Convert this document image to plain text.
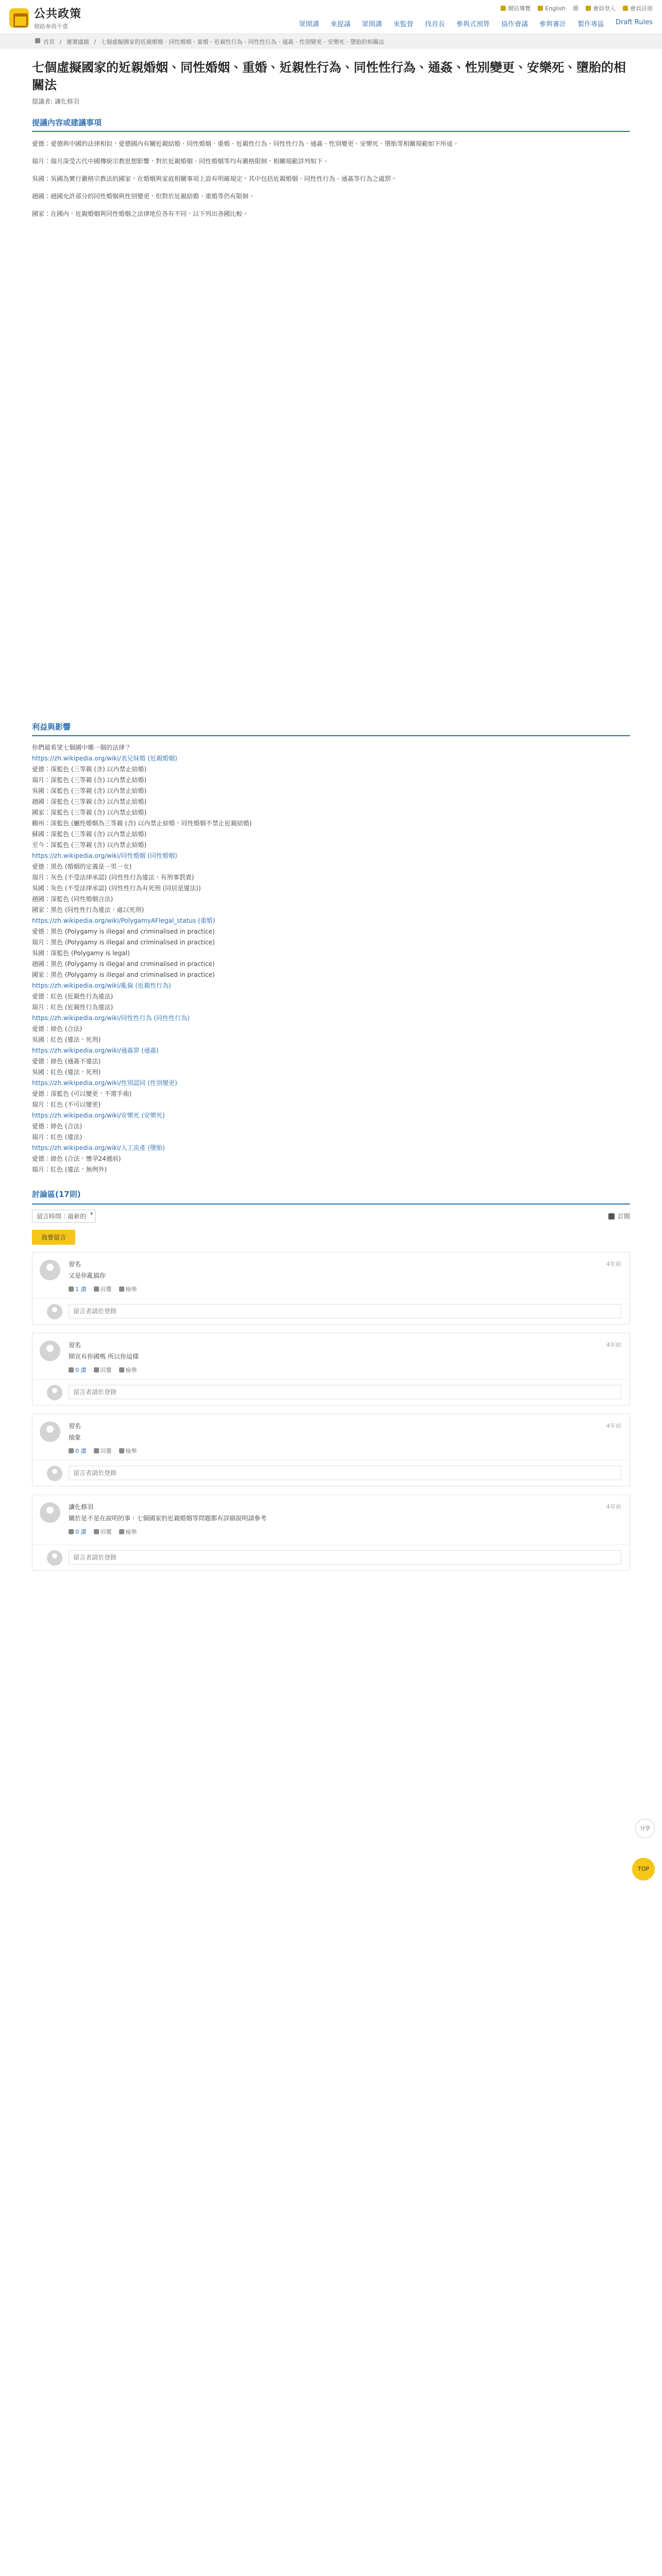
公共政策
網路參與平臺
網站導覽	English 簡	會員登入	會員註冊
眾開講 來提議 眾開講 來監督 找首長 參與式預算 協作會議 參與審計 製作專區 Draft Rules
首頁 / 連署議題 / 七個虛擬國家的近親婚姻、同性婚姻、重婚、近親性行為、同性性行為、通姦、性別變更、安樂死、墮胎的相關法
七個虛擬國家的近親婚姻、同性婚姻、重婚、近親性行為、同性性行為、通姦、性別變更、安樂死、墮胎的相關法
提議者: 讓化修羽
提議內容或建議事項

愛德：愛德與中國的法律相似，愛德國內有關近親結婚、同性婚姻、重婚、近親性行為、同性性行為、通姦、性別變更、安樂死、墮胎等相關規範如下所述。

瑞月：瑞月深受古代中國傳統宗教思想影響，對於近親婚姻、同性婚姻等均有嚴格限制，相關規範詳列如下。

吳國：吳國為實行嚴格宗教法的國家，在婚姻與家庭相關事項上設有明確規定，其中包括近親婚姻、同性性行為、通姦等行為之處罰。

趙國：趙國允許部分的同性婚姻與性別變更，但對於近親結婚、重婚等仍有限制。

國家：在國內，近親婚姻與同性婚姻之法律地位各有不同，以下列出各國比較。

利益與影響
你們最希望七個國中哪一個的法律？
https://zh.wikipedia.org/wiki/表兄妹婚 (近親婚姻)
愛德：深藍色 (三等親 (含) 以內禁止結婚)
瑞月：深藍色 (三等親 (含) 以內禁止結婚)
吳國：深藍色 (三等親 (含) 以內禁止結婚)
趙國：深藍色 (三等親 (含) 以內禁止結婚)
國家：深藍色 (三等親 (含) 以內禁止結婚)
鶴州：深藍色 (屬性婚姻為三等親 (含) 以內禁止結婚，同性婚姻不禁止近親結婚)
蘇國：深藍色 (三等親 (含) 以內禁止結婚)
至今：深藍色 (三等親 (含) 以內禁止結婚)
https://zh.wikipedia.org/wiki/同性婚姻 (同性婚姻)
愛德：黑色 (婚姻的定義是一男一女)
瑞月：灰色 (不受法律承認) (同性性行為違法，有刑事罰責)
吳國：灰色 (不受法律承認) (同性性行為有死刑 (同居是違法))
趙國：深藍色 (同性婚姻合法)
國家：黑色 (同性性行為違法，處以死刑)
https://zh.wikipedia.org/wiki/PolygamyAFIegal_status (重婚)
愛德：黑色 (Polygamy is illegal and criminalised in practice)
瑞月：黑色 (Polygamy is illegal and criminalised in practice)
吳國：深藍色 (Polygamy is legal)
趙國：黑色 (Polygamy is illegal and criminalised in practice)
國家：黑色 (Polygamy is illegal and criminalised in practice)
https://zh.wikipedia.org/wiki/亂倫 (近親性行為)
愛德：紅色 (近親性行為違法)
瑞月：紅色 (近親性行為違法)
https://zh.wikipedia.org/wiki/同性性行為 (同性性行為)
愛德：綠色 (合法)
吳國：紅色 (違法，死刑)
https://zh.wikipedia.org/wiki/通姦罪 (通姦)
愛德：綠色 (通姦不違法)
吳國：紅色 (違法，死刑)
https://zh.wikipedia.org/wiki/性別認同 (性別變更)
愛德：深藍色 (可以變更，不需手術)
瑞月：紅色 (不可以變更)
https://zh.wikipedia.org/wiki/安樂死 (安樂死)
愛德：綠色 (合法)
瑞月：紅色 (違法)
https://zh.wikipedia.org/wiki/人工流產 (墮胎)
愛德：綠色 (合法，懷孕24週前)
瑞月：紅色 (違法，無例外)
討論區(17則)
留言時間：最新的 ▾	訂閱
我要留言
習名	4年前
又是你亂搞你
1 讚	回覆	檢舉
留言者請於登錄
習名	4年前
開宣有你國嗎 所以你這樣
0 讚	回覆	檢舉
留言者請於登錄
習名	4年前
抽象
0 讚	回覆	檢舉
留言者請於登錄
讓化修羽	4年前
關於是不是在說明的事，七個國家的近親婚姻等問題都有詳細說明請參考
0 讚	回覆	檢舉
留言者請於登錄
分享
TOP
